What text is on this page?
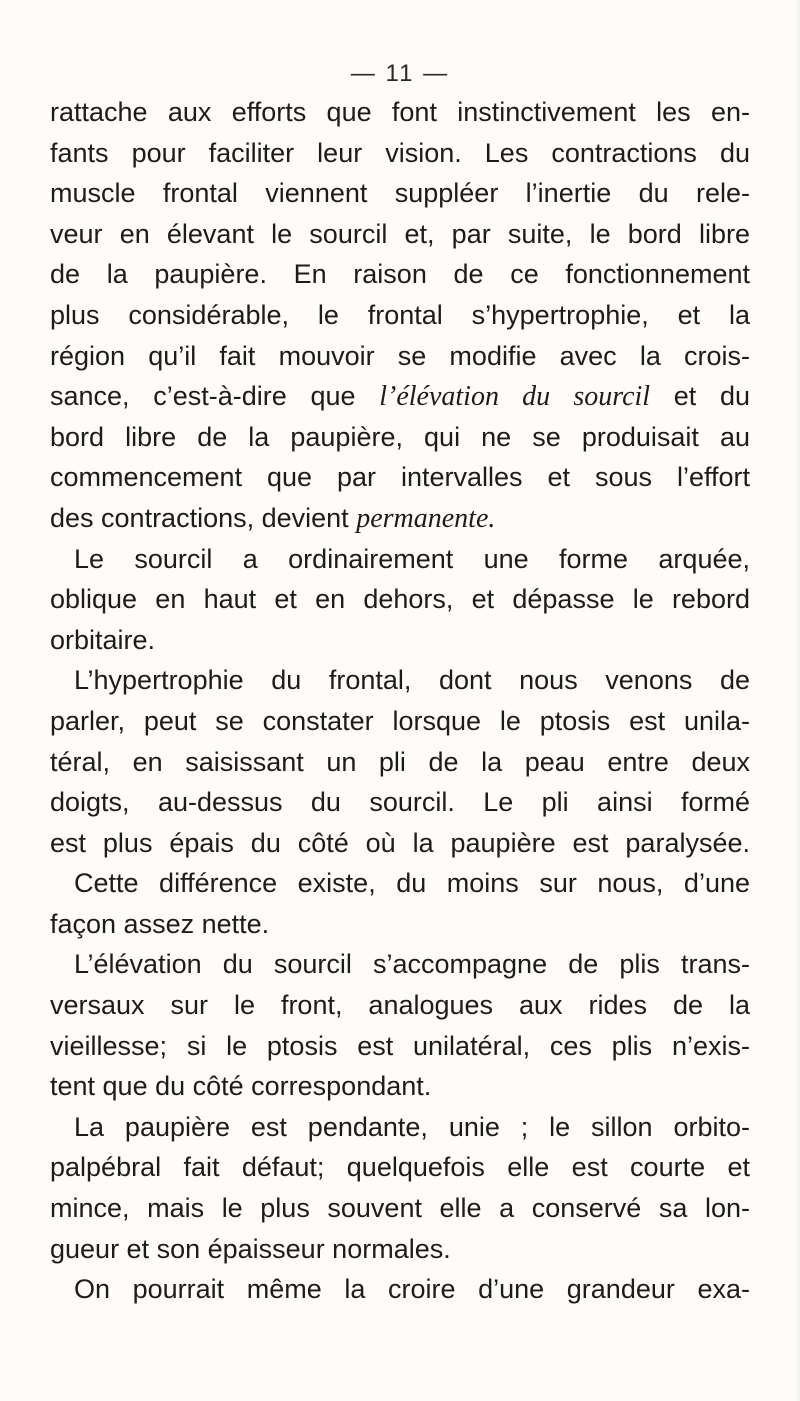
— 11 —
rattache aux efforts que font instinctivement les en-
fants pour faciliter leur vision. Les contractions du
muscle frontal viennent suppléer l’inertie du rele-
veur en élevant le sourcil et, par suite, le bord libre
de la paupière. En raison de ce fonctionnement
plus considérable, le frontal s’hypertrophie, et la
région qu’il fait mouvoir se modifie avec la crois-
sance, c’est-à-dire que l’élévation du sourcil et du
bord libre de la paupière, qui ne se produisait au
commencement que par intervalles et sous l’effort
des contractions, devient permanente.
Le sourcil a ordinairement une forme arquée,
oblique en haut et en dehors, et dépasse le rebord
orbitaire.
L’hypertrophie du frontal, dont nous venons de
parler, peut se constater lorsque le ptosis est unila-
téral, en saisissant un pli de la peau entre deux
doigts, au-dessus du sourcil. Le pli ainsi formé
est plus épais du côté où la paupière est paralysée.
Cette différence existe, du moins sur nous, d’une
façon assez nette.
L’élévation du sourcil s’accompagne de plis trans-
versaux sur le front, analogues aux rides de la
vieillesse; si le ptosis est unilatéral, ces plis n’exis-
tent que du côté correspondant.
La paupière est pendante, unie ; le sillon orbito-
palpébral fait défaut; quelquefois elle est courte et
mince, mais le plus souvent elle a conservé sa lon-
gueur et son épaisseur normales.
On pourrait même la croire d’une grandeur exa-
